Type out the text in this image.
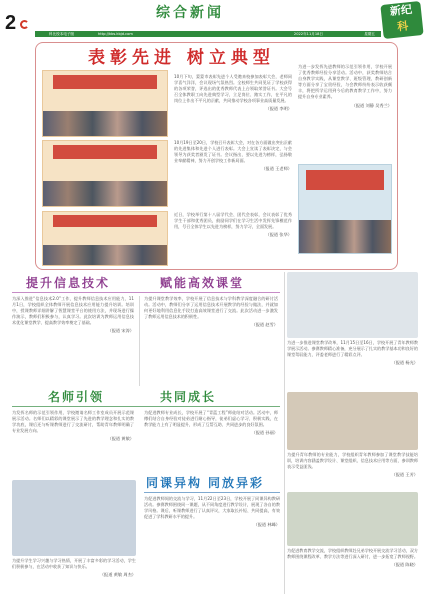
2	综合新闻	新纪
科
科比校本电子版	http://kbs.kbjd.com	2022年11月18日	星期五
表彰先进 树立典型

10月下旬，蒙蒙市表彰先进个人受邀来校参加表彰大会，老师同学喜气洋洋，会议现场气氛热烈。全校师生共同见证了学校获得的各项荣誉，评选出的优秀教师代表上台领取荣誉证书。大会号召全体教职工向先进典型学习，立足岗位、踏实工作，在平凡的岗位上作出不平凡的贡献，共同推动学校各项事业高质量发展。

（报道 李明）

10月19日至20日，学校召开表彰大会，对在各方面做出突出贡献的先进集体和先进个人进行表彰。大会上宣读了表彰决定，与会领导为获奖者颁发了证书。会议指出，要以先进为榜样，弘扬敬业奉献精神，努力开创学校工作新局面。

（报道 王老师）

近日，学校举行第十八届学代会、团代会表彰，会议表彰了优秀学生干部和优秀团员，鼓励同学们在学习生活中发挥先锋模范作用，号召全体学生以先进为榜样，努力学习，全面发展。

（报道 张华）

为进一步发挥先进教师的示范引领作用，学校开展了优秀教师经验分享活动。活动中，获奖教师结合自身教学实践，从课堂教学、班级管理、教研创新等方面分享了宝贵经验，与会教师纷纷表示收获颇丰，将把所学运用到今后的教育教学工作中，努力提升自身专业素养。

（报道 刘静 吴秀兰）

为进一步推进课堂教学改革，11月15日至16日，学校开展了青年教师教学展示活动。参赛教师精心准备，充分展示了扎实的教学基本功和良好的课堂驾驭能力，评委老师进行了精彩点评。

（报道 杨光）

为提升青年教师的专业能力，学校组织青年教师参加了课堂教学技能培训，培训内容涵盖教学设计、课堂组织、信息技术应用等方面，参训教师表示受益匪浅。

（报道 王芳）

为促进教育教学交流，学校组织教师赴兄弟学校开展交流学习活动，双方教师围绕课程改革、教学方法等进行深入研讨，进一步拓宽了教师视野。

（报道 陈晓）

提升信息技术	赋能高效课堂

为深入推进“信息技术2.0”工作，提升教师信息技术应用能力，11月1日，学校组织全体教师开展信息技术应用能力提升培训。培训中，授课教师详细讲解了智慧课堂平台的使用方法，并现场进行操作演示，教师们积极参与，认真学习。此次培训为教师运用信息技术优化课堂教学、提高教学效率奠定了基础。

（报道 宋涛）

为提升课堂教学效率，学校开展了信息技术与学科教学深度融合的研讨活动。活动中，教师们分享了运用信息技术开展教学的经验与做法，并就如何更好地利用信息化手段打造高效课堂进行了交流。此次活动进一步激发了教师运用信息技术的积极性。

（报道 赵雪）

名师引领	共同成长

为发挥名师的示范引领作用，学校邀请名师工作室成员开展示范课展示活动。名师们以精彩的课堂展示了先进的教学理念和扎实的教学功底，课后还与听课教师进行了交流研讨，帮助青年教师明确了专业发展方向。

（报道 黄敏）

为促进教师专业成长，学校开展了“青蓝工程”师徒结对活动。活动中，师傅们结合自身经验对徒弟进行耐心指导，徒弟们虚心学习、积极实践，在教学能力上有了明显提升，形成了互帮互助、共同进步的良好氛围。

（报道 孙丽）

为提升学生学习兴趣与学习热情，开展了丰富多彩的学习活动，学生们积极参与，在活动中收获了知识与快乐。

（报道 黄敏 周杰）

同课异构 同放异彩

为促进教师间的交流与学习，11月22日至23日，学校开展了同课异构教研活动。参赛教师围绕同一课题，从不同角度进行教学设计，展现了各自的教学风格。课后，听课教师进行了认真评议，大家取长补短、共同提高，有效促进了学科教研水平的提升。

（报道 林峰）
